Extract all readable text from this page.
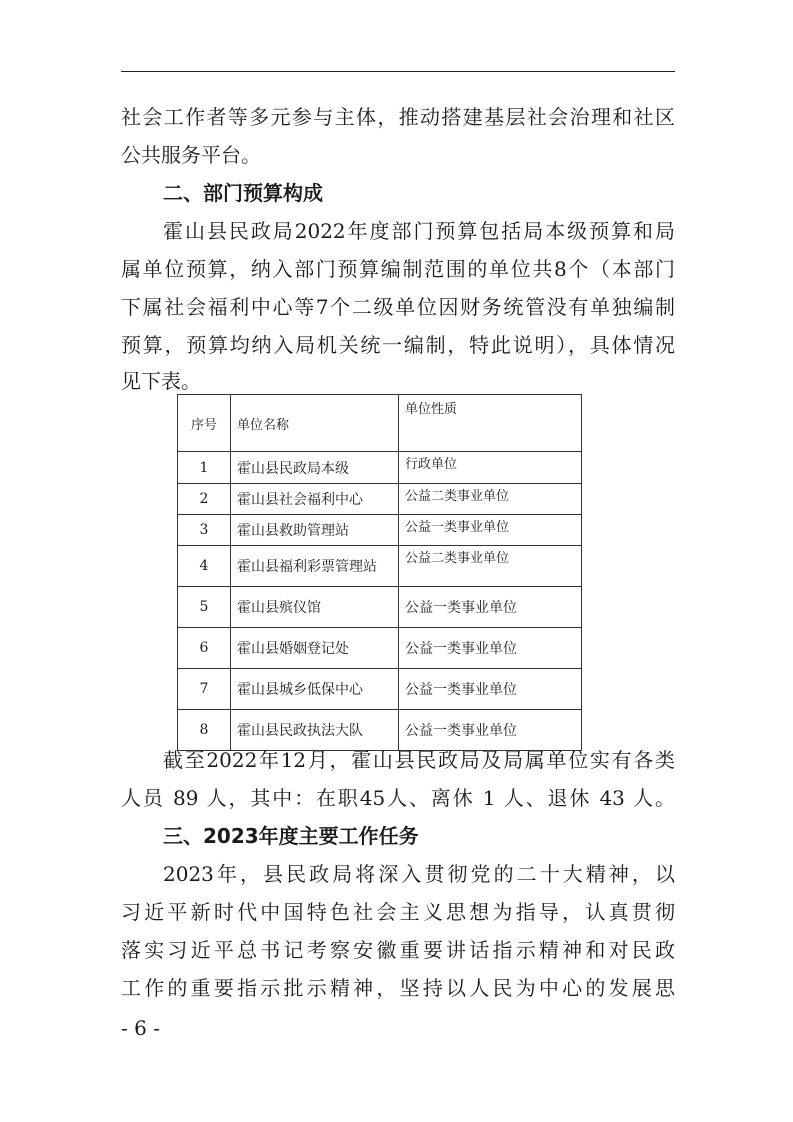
社会工作者等多元参与主体，推动搭建基层社会治理和社区
公共服务平台。
二、部门预算构成
霍山县民政局2022年度部门预算包括局本级预算和局
属单位预算，纳入部门预算编制范围的单位共8个（本部门
下属社会福利中心等7个二级单位因财务统管没有单独编制
预算，预算均纳入局机关统一编制，特此说明），具体情况
见下表。
序号	单位名称	单位性质
1	霍山县民政局本级	行政单位
2	霍山县社会福利中心	公益二类事业单位
3	霍山县救助管理站	公益一类事业单位
4	霍山县福利彩票管理站	公益二类事业单位
5	霍山县殡仪馆	公益一类事业单位
6	霍山县婚姻登记处	公益一类事业单位
7	霍山县城乡低保中心	公益一类事业单位
8	霍山县民政执法大队	公益一类事业单位
截至2022年12月，霍山县民政局及局属单位实有各类
人员 89 人，其中：在职45人、离休 1 人、退休 43 人。
三、2023年度主要工作任务
2023年，县民政局将深入贯彻党的二十大精神，以
习近平新时代中国特色社会主义思想为指导，认真贯彻
落实习近平总书记考察安徽重要讲话指示精神和对民政
工作的重要指示批示精神，坚持以人民为中心的发展思
- 6 -
